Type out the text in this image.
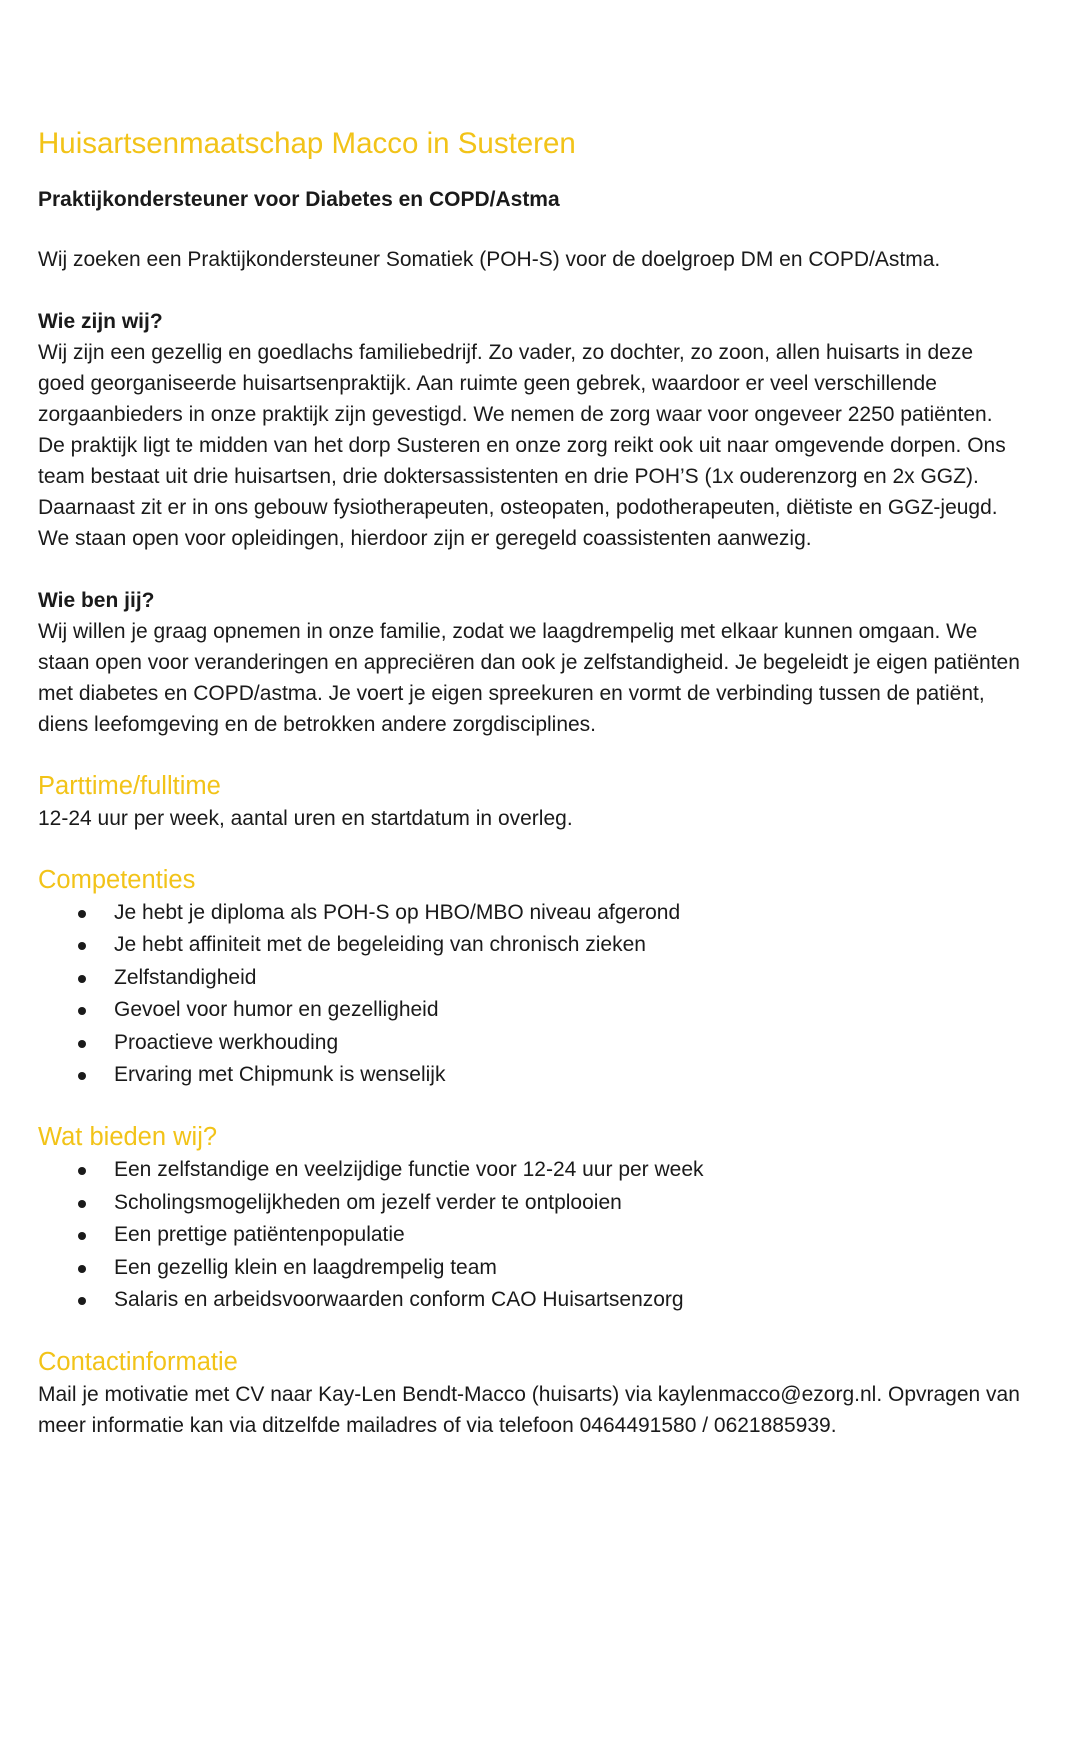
Huisartsenmaatschap Macco in Susteren
Praktijkondersteuner voor Diabetes en COPD/Astma

Wij zoeken een Praktijkondersteuner Somatiek (POH-S) voor de doelgroep DM en COPD/Astma.

Wie zijn wij?

Wij zijn een gezellig en goedlachs familiebedrijf. Zo vader, zo dochter, zo zoon, allen huisarts in deze goed georganiseerde huisartsenpraktijk. Aan ruimte geen gebrek, waardoor er veel verschillende zorgaanbieders in onze praktijk zijn gevestigd. We nemen de zorg waar voor ongeveer 2250 patiënten. De praktijk ligt te midden van het dorp Susteren en onze zorg reikt ook uit naar omgevende dorpen. Ons team bestaat uit drie huisartsen, drie doktersassistenten en drie POH’S (1x ouderenzorg en 2x GGZ). Daarnaast zit er in ons gebouw fysiotherapeuten, osteopaten, podotherapeuten, diëtiste en GGZ-jeugd. We staan open voor opleidingen, hierdoor zijn er geregeld coassistenten aanwezig.

Wie ben jij?

Wij willen je graag opnemen in onze familie, zodat we laagdrempelig met elkaar kunnen omgaan. We staan open voor veranderingen en appreciëren dan ook je zelfstandigheid. Je begeleidt je eigen patiënten met diabetes en COPD/astma. Je voert je eigen spreekuren en vormt de verbinding tussen de patiënt, diens leefomgeving en de betrokken andere zorgdisciplines.

Parttime/fulltime

12-24 uur per week, aantal uren en startdatum in overleg.

Competenties
Je hebt je diploma als POH-S op HBO/MBO niveau afgerond
Je hebt affiniteit met de begeleiding van chronisch zieken
Zelfstandigheid
Gevoel voor humor en gezelligheid
Proactieve werkhouding
Ervaring met Chipmunk is wenselijk
Wat bieden wij?
Een zelfstandige en veelzijdige functie voor 12-24 uur per week
Scholingsmogelijkheden om jezelf verder te ontplooien
Een prettige patiëntenpopulatie
Een gezellig klein en laagdrempelig team
Salaris en arbeidsvoorwaarden conform CAO Huisartsenzorg
Contactinformatie

Mail je motivatie met CV naar Kay-Len Bendt-Macco (huisarts) via kaylenmacco@ezorg.nl. Opvragen van meer informatie kan via ditzelfde mailadres of via telefoon 0464491580 / 0621885939.
